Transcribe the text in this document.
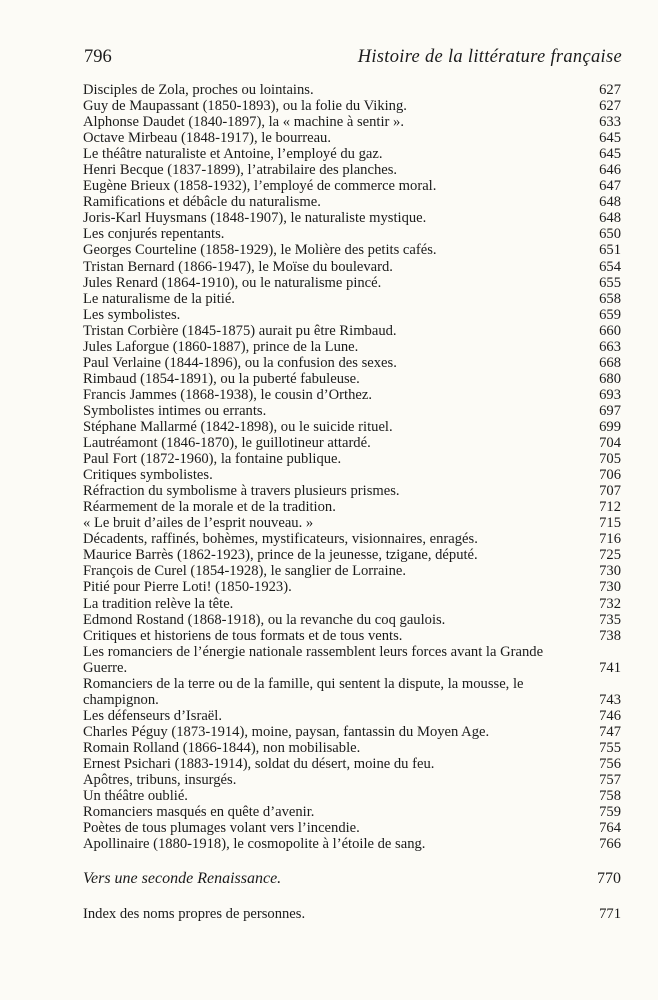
796	Histoire de la littérature française
Disciples de Zola, proches ou lointains.	627
Guy de Maupassant (1850-1893), ou la folie du Viking.	627
Alphonse Daudet (1840-1897), la « machine à sentir ».	633
Octave Mirbeau (1848-1917), le bourreau.	645
Le théâtre naturaliste et Antoine, l’employé du gaz.	645
Henri Becque (1837-1899), l’atrabilaire des planches.	646
Eugène Brieux (1858-1932), l’employé de commerce moral.	647
Ramifications et débâcle du naturalisme.	648
Joris-Karl Huysmans (1848-1907), le naturaliste mystique.	648
Les conjurés repentants.	650
Georges Courteline (1858-1929), le Molière des petits cafés.	651
Tristan Bernard (1866-1947), le Moïse du boulevard.	654
Jules Renard (1864-1910), ou le naturalisme pincé.	655
Le naturalisme de la pitié.	658
Les symbolistes.	659
Tristan Corbière (1845-1875) aurait pu être Rimbaud.	660
Jules Laforgue (1860-1887), prince de la Lune.	663
Paul Verlaine (1844-1896), ou la confusion des sexes.	668
Rimbaud (1854-1891), ou la puberté fabuleuse.	680
Francis Jammes (1868-1938), le cousin d’Orthez.	693
Symbolistes intimes ou errants.	697
Stéphane Mallarmé (1842-1898), ou le suicide rituel.	699
Lautréamont (1846-1870), le guillotineur attardé.	704
Paul Fort (1872-1960), la fontaine publique.	705
Critiques symbolistes.	706
Réfraction du symbolisme à travers plusieurs prismes.	707
Réarmement de la morale et de la tradition.	712
« Le bruit d’ailes de l’esprit nouveau. »	715
Décadents, raffinés, bohèmes, mystificateurs, visionnaires, enragés.	716
Maurice Barrès (1862-1923), prince de la jeunesse, tzigane, député.	725
François de Curel (1854-1928), le sanglier de Lorraine.	730
Pitié pour Pierre Loti! (1850-1923).	730
La tradition relève la tête.	732
Edmond Rostand (1868-1918), ou la revanche du coq gaulois.	735
Critiques et historiens de tous formats et de tous vents.	738
Les romanciers de l’énergie nationale rassemblent leurs forces avant la Grande Guerre.	741
Romanciers de la terre ou de la famille, qui sentent la dispute, la mousse, le champignon.	743
Les défenseurs d’Israël.	746
Charles Péguy (1873-1914), moine, paysan, fantassin du Moyen Age.	747
Romain Rolland (1866-1844), non mobilisable.	755
Ernest Psichari (1883-1914), soldat du désert, moine du feu.	756
Apôtres, tribuns, insurgés.	757
Un théâtre oublié.	758
Romanciers masqués en quête d’avenir.	759
Poètes de tous plumages volant vers l’incendie.	764
Apollinaire (1880-1918), le cosmopolite à l’étoile de sang.	766
Vers une seconde Renaissance.	770
Index des noms propres de personnes.	771
